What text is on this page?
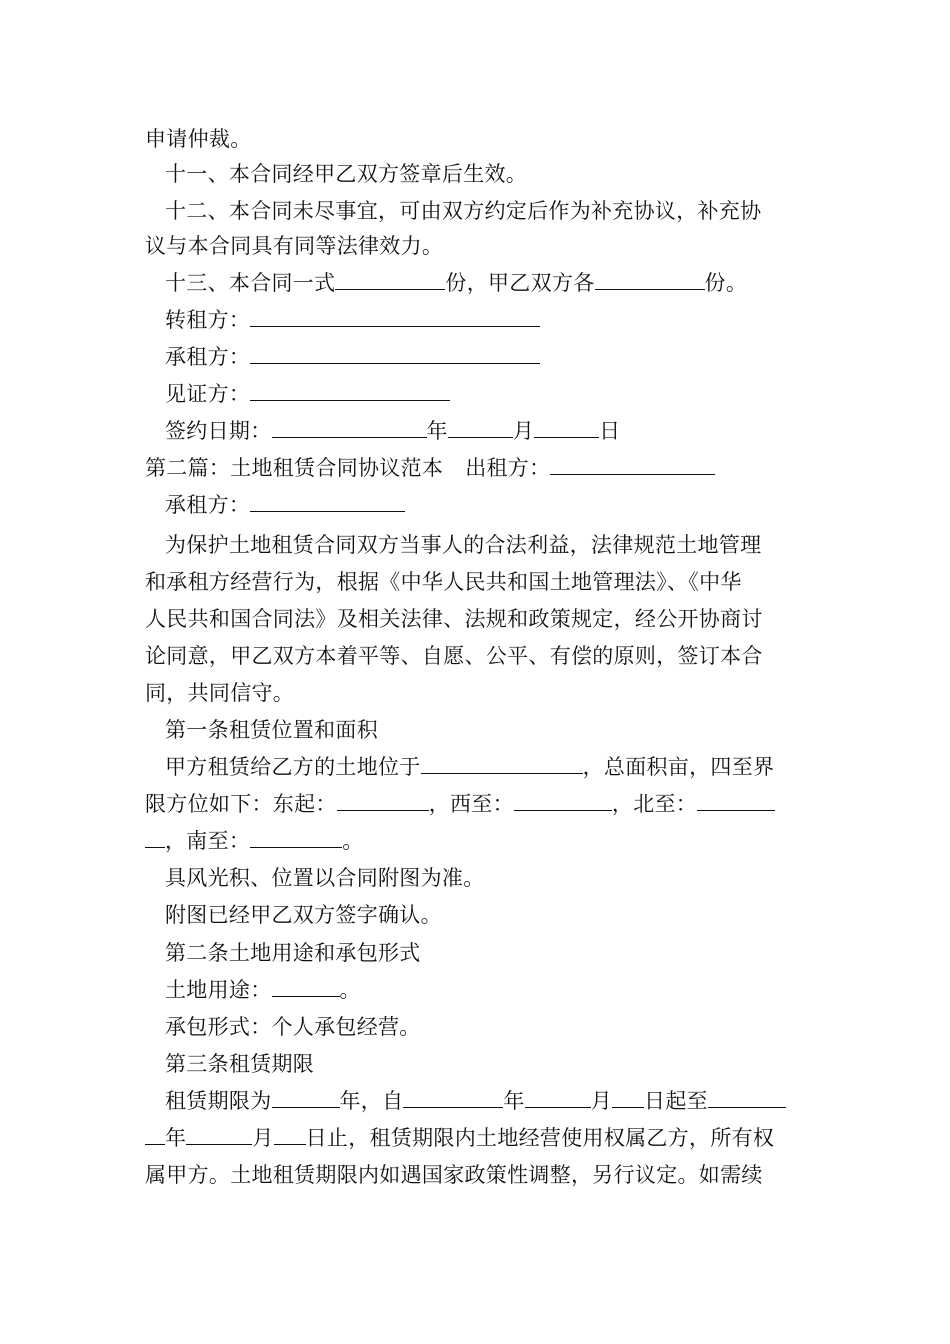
申请仲裁。
十一、本合同经甲乙双方签章后生效。
十二、本合同未尽事宜，可由双方约定后作为补充协议，补充协
议与本合同具有同等法律效力。
十三、本合同一式	份，甲乙双方各	份。
转租方：
承租方：
见证方：
签约日期：	年	月	日
第二篇：土地租赁合同协议范本 出租方：
承租方：
为保护土地租赁合同双方当事人的合法利益，法律规范土地管理
和承租方经营行为，根据《中华人民共和国土地管理法》、《中华
人民共和国合同法》及相关法律、法规和政策规定，经公开协商讨
论同意，甲乙双方本着平等、自愿、公平、有偿的原则，签订本合
同，共同信守。
第一条租赁位置和面积
甲方租赁给乙方的土地位于	，总面积亩，四至界
限方位如下：东起：	，西至：	，北至：
，南至：	。
具风光积、位置以合同附图为准。
附图已经甲乙双方签字确认。
第二条土地用途和承包形式
土地用途：	。
承包形式：个人承包经营。
第三条租赁期限
租赁期限为	年，自	年	月 日起至
年	月 日止，租赁期限内土地经营使用权属乙方，所有权
属甲方。土地租赁期限内如遇国家政策性调整，另行议定。如需续
